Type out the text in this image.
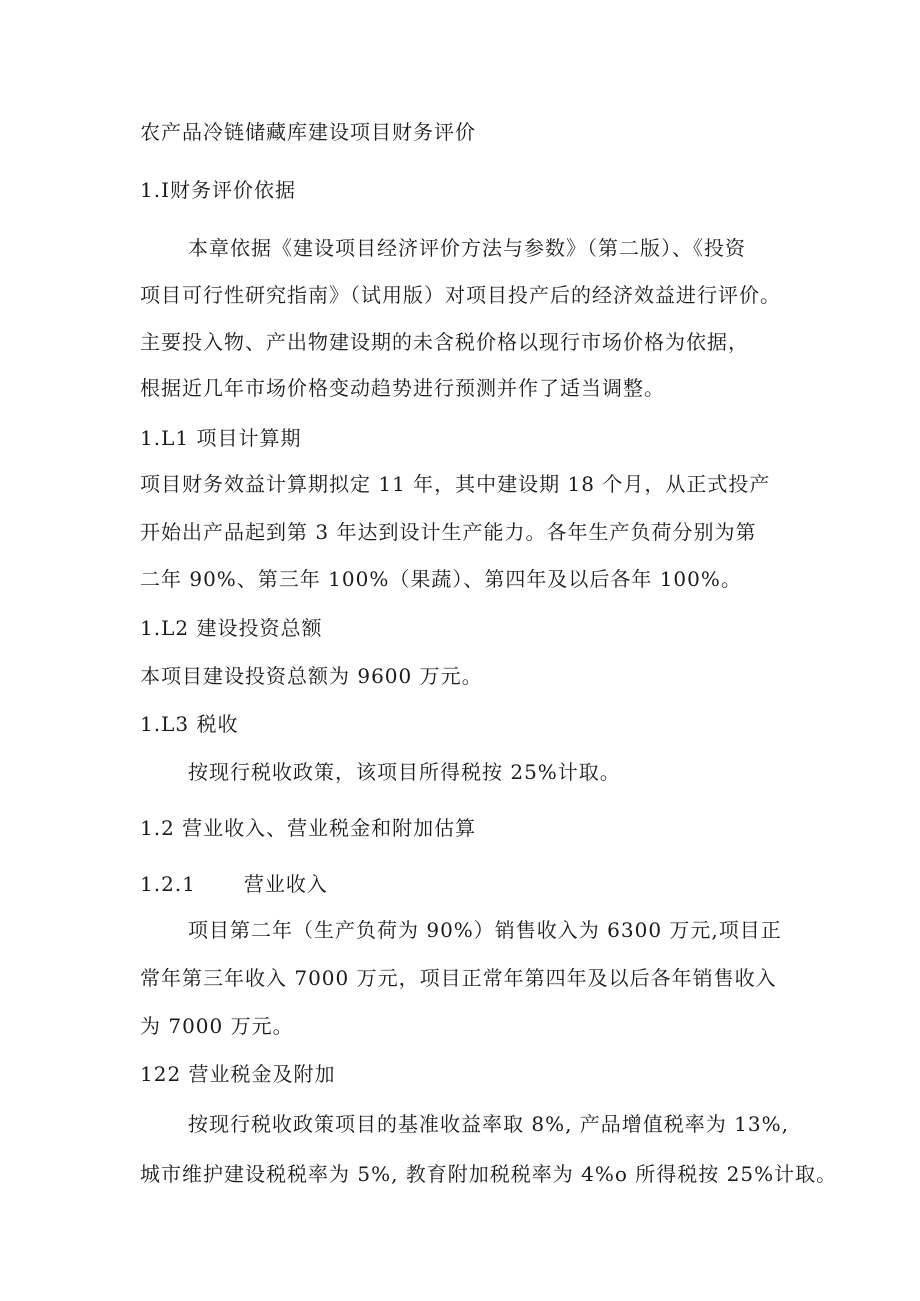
农产品冷链储藏库建设项目财务评价
1.Ⅰ财务评价依据
本章依据《建设项目经济评价方法与参数》（第二版）、《投资
项目可行性研究指南》（试用版）对项目投产后的经济效益进行评价。
主要投入物、产出物建设期的未含税价格以现行市场价格为依据，
根据近几年市场价格变动趋势进行预测并作了适当调整。
1.L1 项目计算期
项目财务效益计算期拟定 11 年，其中建设期 18 个月，从正式投产
开始出产品起到第 3 年达到设计生产能力。各年生产负荷分别为第
二年 90%、第三年 100%（果蔬）、第四年及以后各年 100%。
1.L2 建设投资总额
本项目建设投资总额为 9600 万元。
1.L3 税收
按现行税收政策，该项目所得税按 25%计取。
1.2 营业收入、营业税金和附加估算
1.2.1 营业收入
项目第二年（生产负荷为 90%）销售收入为 6300 万元,项目正
常年第三年收入 7000 万元，项目正常年第四年及以后各年销售收入
为 7000 万元。
122 营业税金及附加
按现行税收政策项目的基准收益率取 8%, 产品增值税率为 13%,
城市维护建设税税率为 5%, 教育附加税税率为 4%o 所得税按 25%计取。
